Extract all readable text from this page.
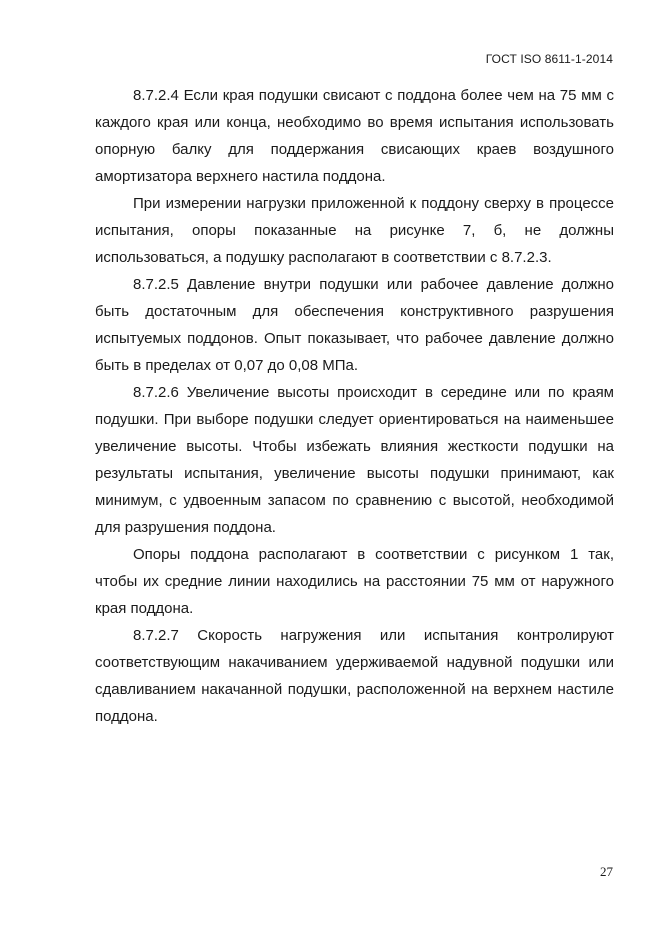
ГОСТ ISO 8611-1-2014

8.7.2.4 Если края подушки свисают с поддона более чем на 75 мм с каждого края или конца, необходимо во время испытания использовать опорную балку для поддержания свисающих краев воздушного амортизатора верхнего настила поддона.

При измерении нагрузки приложенной к поддону сверху в процессе испытания, опоры показанные на рисунке 7, б, не должны использоваться, а подушку располагают в соответствии с 8.7.2.3.

8.7.2.5 Давление внутри подушки или рабочее давление должно быть достаточным для обеспечения конструктивного разрушения испытуемых поддонов. Опыт показывает, что рабочее давление должно быть в пределах от 0,07 до 0,08 МПа.

8.7.2.6 Увеличение высоты происходит в середине или по краям подушки. При выборе подушки следует ориентироваться на наименьшее увеличение высоты. Чтобы избежать влияния жесткости подушки на результаты испытания, увеличение высоты подушки принимают, как минимум, с удвоенным запасом по сравнению с высотой, необходимой для разрушения поддона.

Опоры поддона располагают в соответствии с рисунком 1 так, чтобы их средние линии находились на расстоянии 75 мм от наружного края поддона.

8.7.2.7 Скорость нагружения или испытания контролируют соответствующим накачиванием удерживаемой надувной подушки или сдавливанием накачанной подушки, расположенной на верхнем настиле поддона.

27
